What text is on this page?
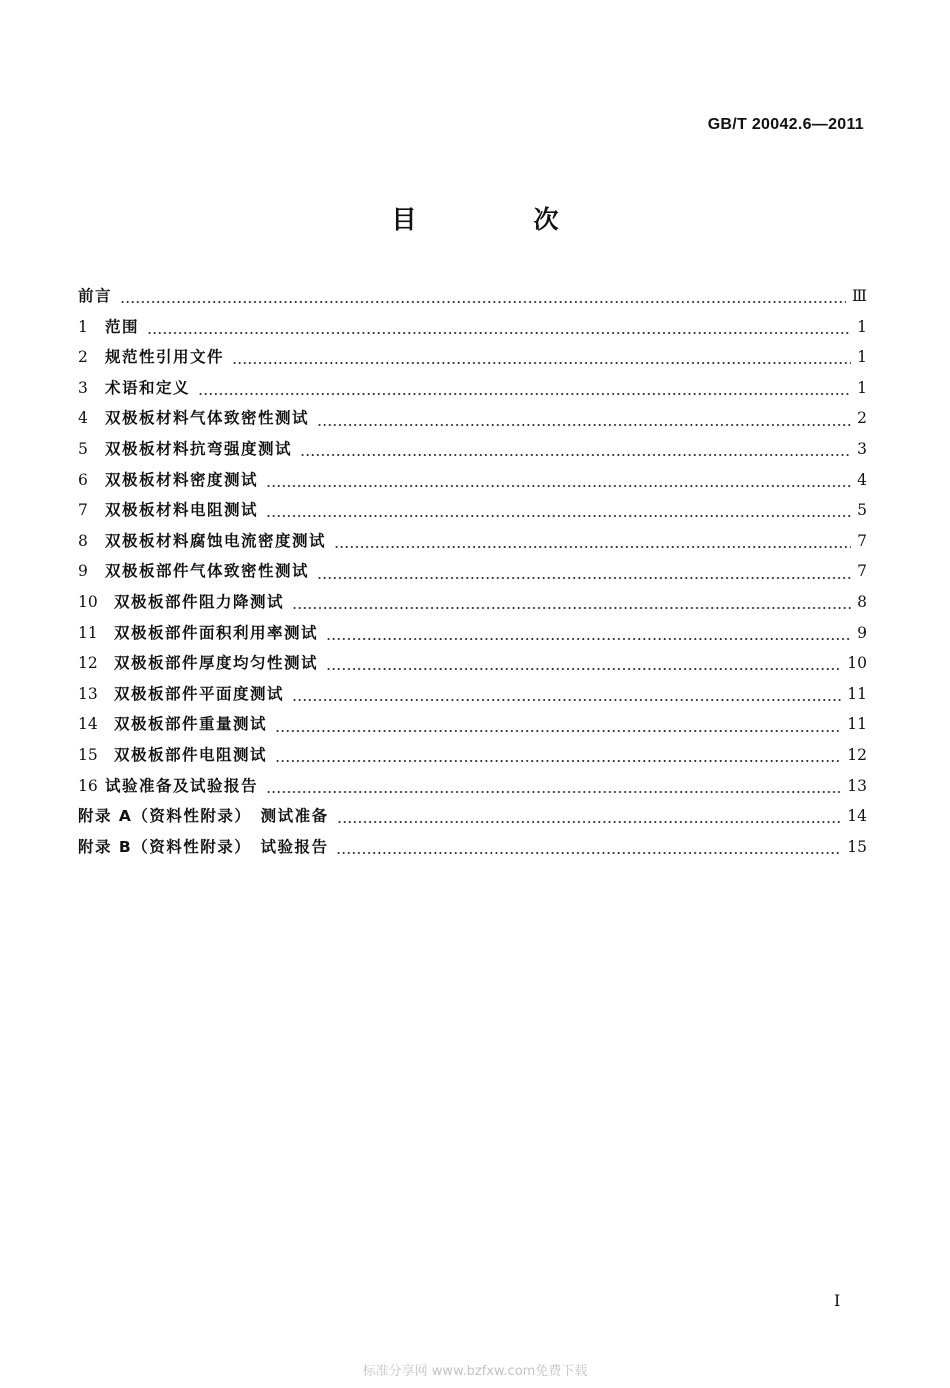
GB/T 20042.6—2011
目　次
前言	Ⅲ
1	范围	1
2	规范性引用文件	1
3	术语和定义	1
4	双极板材料气体致密性测试	2
5	双极板材料抗弯强度测试	3
6	双极板材料密度测试	4
7	双极板材料电阻测试	5
8	双极板材料腐蚀电流密度测试	7
9	双极板部件气体致密性测试	7
10	双极板部件阻力降测试	8
11	双极板部件面积利用率测试	9
12	双极板部件厚度均匀性测试	10
13	双极板部件平面度测试	11
14	双极板部件重量测试	11
15	双极板部件电阻测试	12
16 试验准备及试验报告	13
附录 A（资料性附录）　测试准备	14
附录 B（资料性附录）　试验报告	15
I
标准分享网 www.bzfxw.com免费下载
